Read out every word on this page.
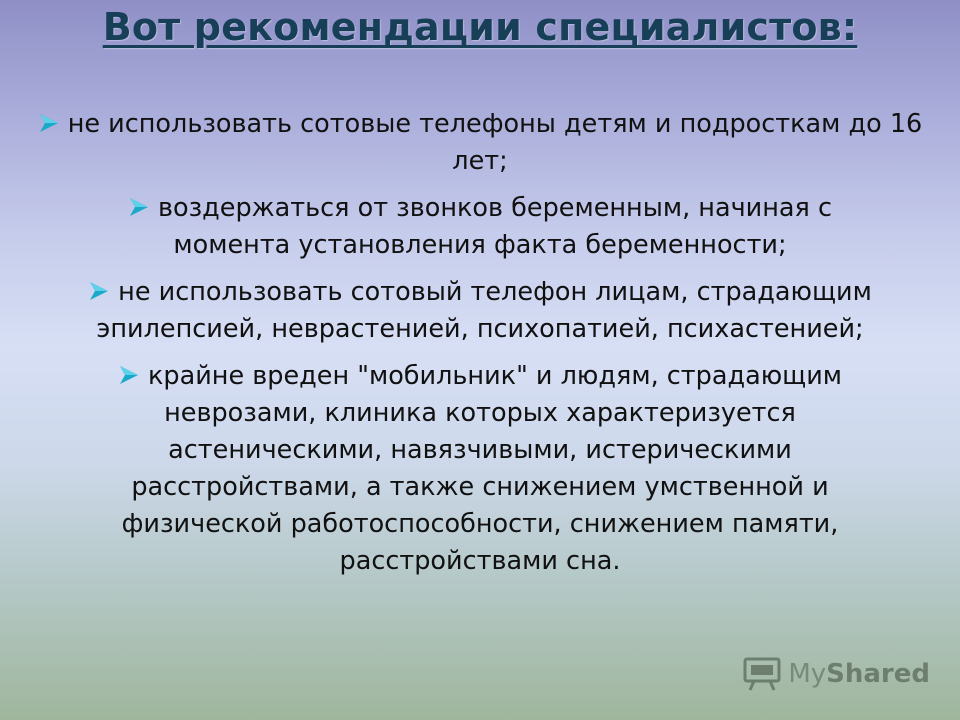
Вот рекомендации специалистов:
не использовать сотовые телефоны детям и подросткам до 16 лет;
воздержаться от звонков беременным, начиная с момента установления факта беременности;
не использовать сотовый телефон лицам, страдающим эпилепсией, неврастенией, психопатией, психастенией;
крайне вреден "мобильник" и людям, страдающим неврозами, клиника которых характеризуется астеническими, навязчивыми, истерическими расстройствами, а также снижением умственной и физической работоспособности, снижением памяти, расстройствами сна.
MyShared
